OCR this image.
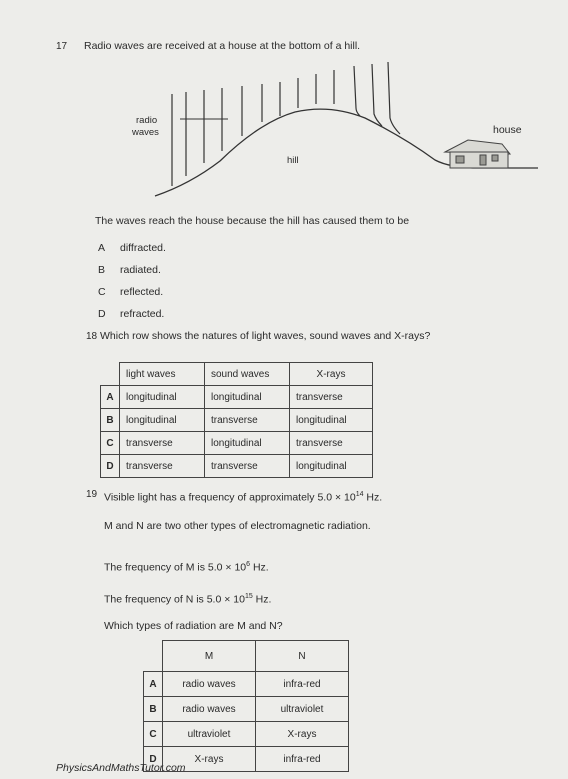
17 Radio waves are received at a house at the bottom of a hill.
radio
waves	house
hill
The waves reach the house because the hill has caused them to be
A diffracted.
B radiated.
C reflected.
D refracted.
18 Which row shows the natures of light waves, sound waves and X-rays?
	light waves	sound waves	X-rays
A	longitudinal	longitudinal	transverse
B	longitudinal	transverse	longitudinal
C	transverse	longitudinal	transverse
D	transverse	transverse	longitudinal
19 Visible light has a frequency of approximately $5.0 \times 10^{14}$ Hz.
M and N are two other types of electromagnetic radiation.
The frequency of M is $5.0 \times 10^6$ Hz.
The frequency of N is $5.0 \times 10^{15}$ Hz.
Which types of radiation are M and N?
	M	N
A	radio waves	infra-red
B	radio waves	ultraviolet
C	ultraviolet	X-rays
D	X-rays	infra-red
PhysicsAndMathsTutor.com
